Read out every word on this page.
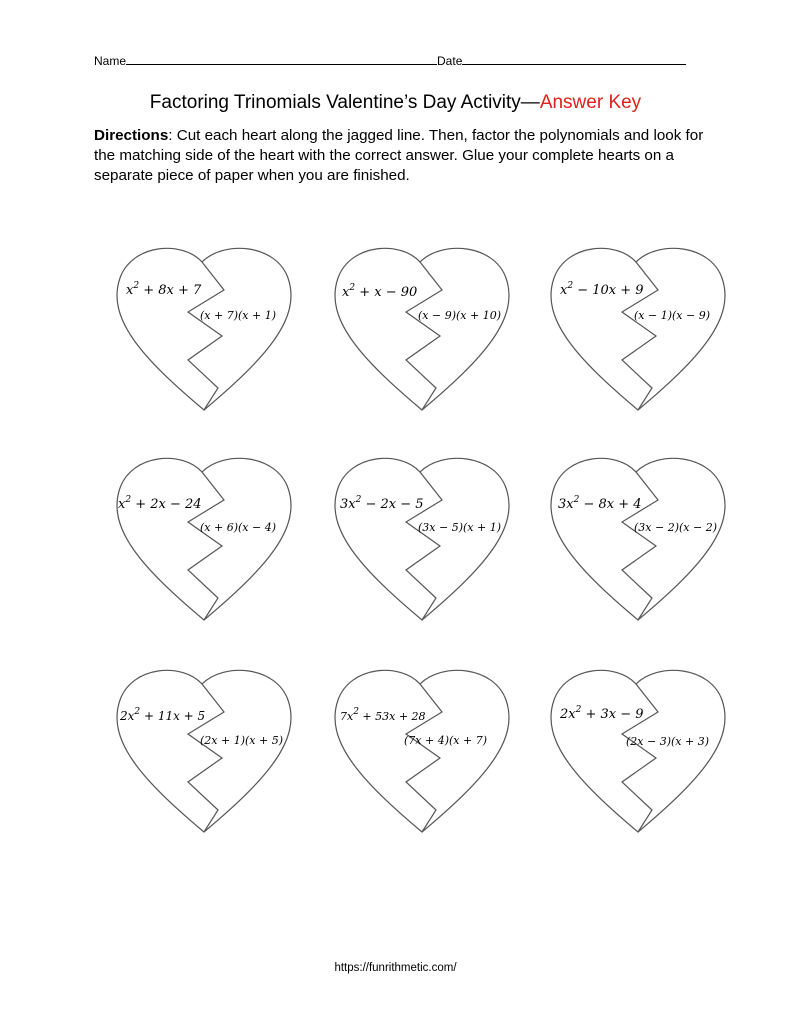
Name	Date
Factoring Trinomials Valentine’s Day Activity—Answer Key
Directions: Cut each heart along the jagged line. Then, factor the polynomials and look for the matching side of the heart with the correct answer. Glue your complete hearts on a separate piece of paper when you are finished.
$x^2 + 8x + 7$
(x + 7)(x + 1)
$x^2 + x - 90$
(x − 9)(x + 10)
$x^2 - 10x + 9$
(x − 1)(x − 9)
$x^2 + 2x - 24$
(x + 6)(x − 4)
$3x^2 - 2x - 5$
(3x − 5)(x + 1)
$3x^2 - 8x + 4$
(3x − 2)(x − 2)
$2x^2 + 11x + 5$
(2x + 1)(x + 5)
$7x^2 + 53x + 28$
(7x + 4)(x + 7)
$2x^2 + 3x - 9$
(2x − 3)(x + 3)
https://funrithmetic.com/
